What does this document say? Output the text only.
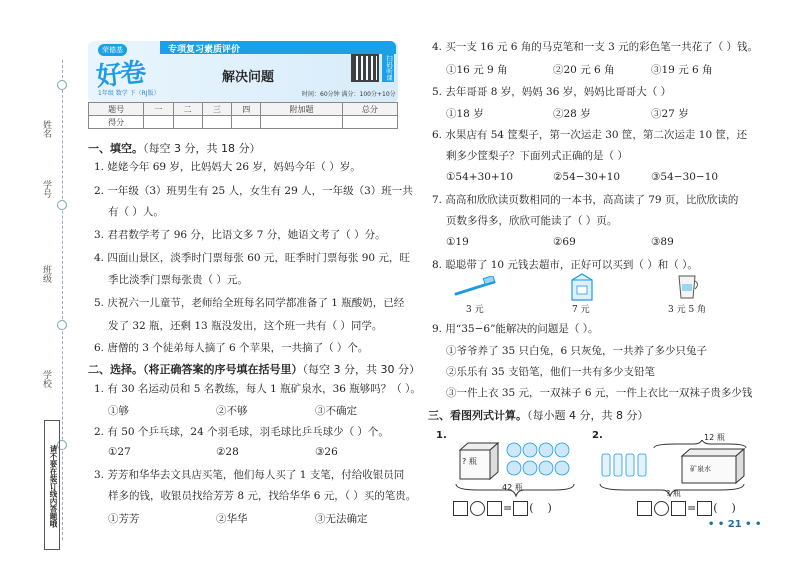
姓名
学号
班级
学校
请不要在装订线内答题哦
专项复习素质评价
荣德基
好卷
1年级 数学 下（RJ版）
解决问题	扫码听课
时间：60分钟 满分：100分+10分
题号	一	二	三	四	附加题	总分
得分						
一、填空。（每空 3 分，共 18 分）
1. 姥姥今年 69 岁，比妈妈大 26 岁，妈妈今年（ ）岁。
2. 一年级（3）班男生有 25 人，女生有 29 人，一年级（3）班一共
有（ ）人。
3. 君君数学考了 96 分，比语文多 7 分，她语文考了（ ）分。
4. 四面山景区，淡季时门票每张 60 元，旺季时门票每张 90 元，旺
季比淡季门票每张贵（ ）元。
5. 庆祝六一儿童节，老师给全班每名同学都准备了 1 瓶酸奶，已经
发了 32 瓶，还剩 13 瓶没发出，这个班一共有（ ）同学。
6. 唐僧的 3 个徒弟每人摘了 6 个苹果，一共摘了（ ）个。
二、选择。（将正确答案的序号填在括号里）（每空 3 分，共 30 分）
1. 有 30 名运动员和 5 名教练，每人 1 瓶矿泉水，36 瓶够吗？（ ）。
①够	②不够	③不确定
2. 有 50 个乒乓球，24 个羽毛球，羽毛球比乒乓球少（ ）个。
①27	②28	③26
3. 芳芳和华华去文具店买笔，他们每人买了 1 支笔，付给收银员同
样多的钱，收银员找给芳芳 8 元，找给华华 6 元，（ ）买的笔贵。
①芳芳	②华华	③无法确定
4. 买一支 16 元 6 角的马克笔和一支 3 元的彩色笔一共花了（ ）钱。
①16 元 9 角	②20 元 6 角	③19 元 6 角
5. 去年哥哥 8 岁，妈妈 36 岁，妈妈比哥哥大（ ）
①18 岁	②28 岁	③27 岁
6. 水果店有 54 筐梨子，第一次运走 30 筐，第二次运走 10 筐，还
剩多少筐梨子？下面列式正确的是（ ）
①54+30+10	②54−30+10	③54−30−10
7. 高高和欣欣读页数相同的一本书，高高读了 79 页，比欣欣读的
页数多得多，欣欣可能读了（ ）页。
①19	②69	③89
8. 聪聪带了 10 元钱去超市，正好可以买到（ ）和（ ）。
3 元	7 元	3 元 5 角
9. 用“35−6”能解决的问题是（ ）。
①爷爷养了 35 只白兔，6 只灰兔，一共养了多少只兔子
②乐乐有 35 支铅笔，他们一共有多少支铅笔
③一件上衣 35 元，一双袜子 6 元，一件上衣比一双袜子贵多少钱
三、看图列式计算。（每小题 4 分，共 8 分）
1.
? 瓶
42 瓶
= (    )
2.	12 瓶
矿泉水
? 瓶
= (    )
• • 21 • •
